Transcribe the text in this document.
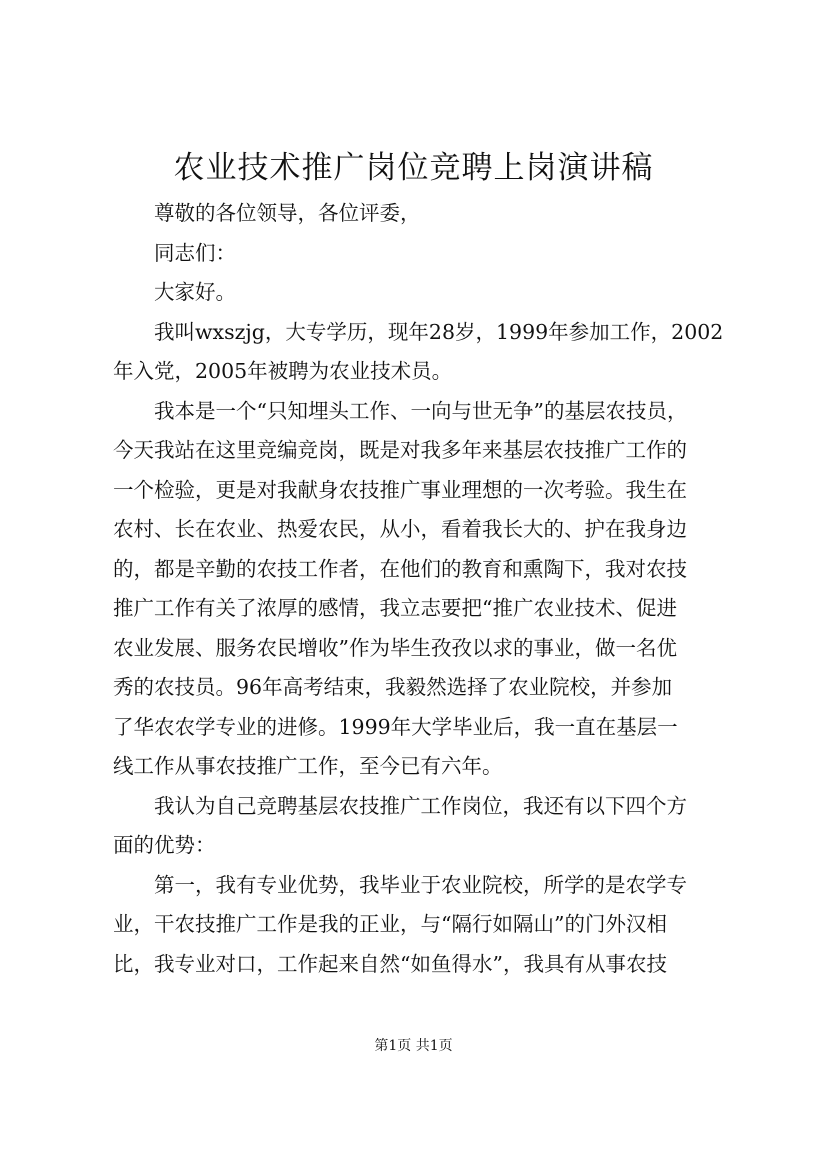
农业技术推广岗位竞聘上岗演讲稿

尊敬的各位领导，各位评委，

同志们：

大家好。

我叫wxszjg，大专学历，现年28岁，1999年参加工作，2002
年入党，2005年被聘为农业技术员。

我本是一个“只知埋头工作、一向与世无争”的基层农技员，
今天我站在这里竞编竞岗，既是对我多年来基层农技推广工作的
一个检验，更是对我献身农技推广事业理想的一次考验。我生在
农村、长在农业、热爱农民，从小，看着我长大的、护在我身边
的，都是辛勤的农技工作者，在他们的教育和熏陶下，我对农技
推广工作有关了浓厚的感情，我立志要把“推广农业技术、促进
农业发展、服务农民增收”作为毕生孜孜以求的事业，做一名优
秀的农技员。96年高考结束，我毅然选择了农业院校，并参加
了华农农学专业的进修。1999年大学毕业后，我一直在基层一
线工作从事农技推广工作，至今已有六年。

我认为自己竞聘基层农技推广工作岗位，我还有以下四个方
面的优势：

第一，我有专业优势，我毕业于农业院校，所学的是农学专
业，干农技推广工作是我的正业，与“隔行如隔山”的门外汉相
比，我专业对口，工作起来自然“如鱼得水”，我具有从事农技

第1页 共1页
